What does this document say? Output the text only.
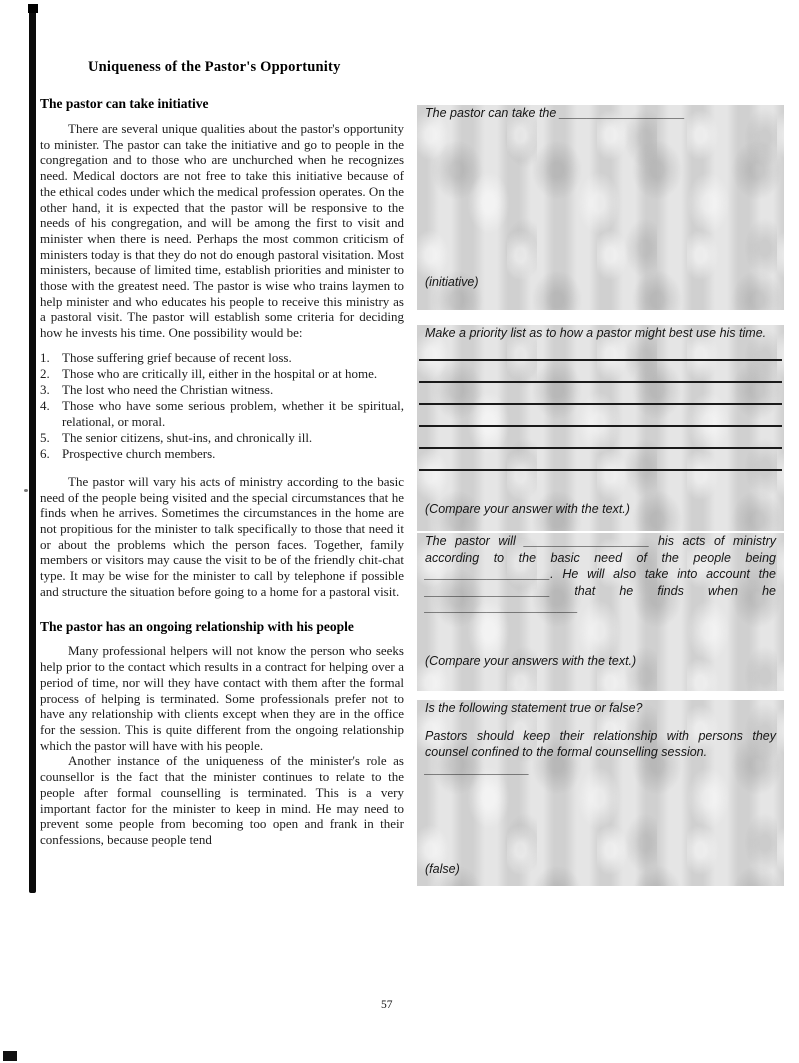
Uniqueness of the Pastor's Opportunity
The pastor can take initiative

There are several unique qualities about the pastor's opportunity to minister. The pastor can take the initiative and go to people in the congregation and to those who are unchurched when he recognizes need. Medical doctors are not free to take this initiative because of the ethical codes under which the medical profession operates. On the other hand, it is expected that the pastor will be responsive to the needs of his congregation, and will be among the first to visit and minister when there is need. Perhaps the most common criticism of ministers today is that they do not do enough pastoral visitation. Most ministers, because of limited time, establish priorities and minister to those with the greatest need. The pastor is wise who trains laymen to help minister and who educates his people to receive this ministry as a pastoral visit. The pastor will establish some criteria for deciding how he invests his time. One possibility would be:

1. Those suffering grief because of recent loss.
2. Those who are critically ill, either in the hospital or at home.
3. The lost who need the Christian witness.
4. Those who have some serious problem, whether it be spiritual, relational, or moral.
5. The senior citizens, shut-ins, and chronically ill.
6. Prospective church members.

The pastor will vary his acts of ministry according to the basic need of the people being visited and the special circumstances that he finds when he arrives. Sometimes the circumstances in the home are not propitious for the minister to talk specifically to those that need it or about the problems which the person faces. Together, family members or visitors may cause the visit to be of the friendly chit-chat type. It may be wise for the minister to call by telephone if possible and structure the situation before going to a home for a pastoral visit.

The pastor has an ongoing relationship with his people

Many professional helpers will not know the person who seeks help prior to the contact which results in a contract for helping over a period of time, nor will they have contact with them after the formal process of helping is terminated. Some professionals prefer not to have any relationship with clients except when they are in the office for the session. This is quite different from the ongoing relationship which the pastor will have with his people.

Another instance of the uniqueness of the minister's role as counsellor is the fact that the minister continues to relate to the people after formal counselling is terminated. This is a very important factor for the minister to keep in mind. He may need to prevent some people from becoming too open and frank in their confessions, because people tend

The pastor can take the __________________

(initiative)

Make a priority list as to how a pastor might best use his time.

(Compare your answer with the text.)

The pastor will __________________ his acts of ministry according to the basic need of the people being __________________. He will also take into account the __________________ that he finds when he ______________________

(Compare your answers with the text.)

Is the following statement true or false?

Pastors should keep their relationship with persons they counsel confined to the formal counselling session.

_______________

(false)

57
